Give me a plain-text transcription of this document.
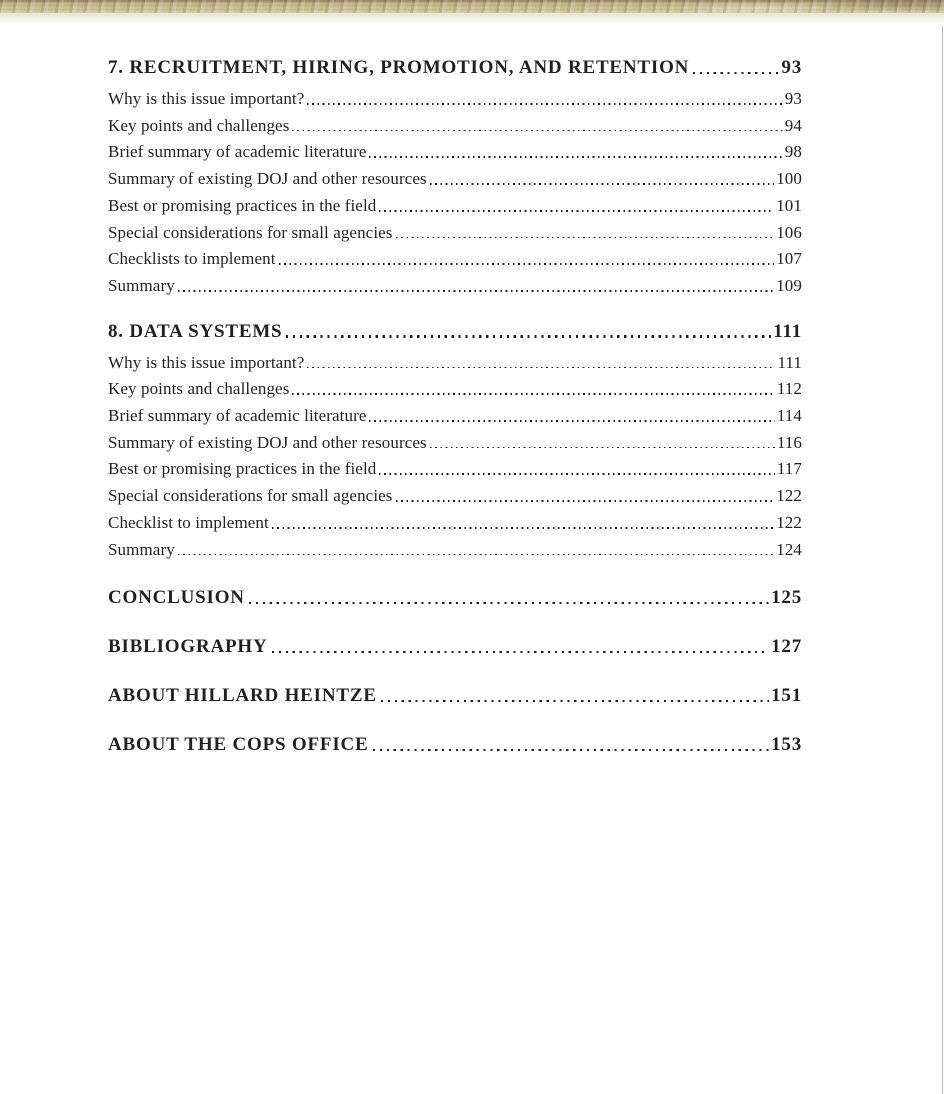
7. RECRUITMENT, HIRING, PROMOTION, AND RETENTION	93
Why is this issue important?	93
Key points and challenges	94
Brief summary of academic literature	98
Summary of existing DOJ and other resources	100
Best or promising practices in the field	101
Special considerations for small agencies	106
Checklists to implement	107
Summary	109
8. DATA SYSTEMS	111
Why is this issue important?	111
Key points and challenges	112
Brief summary of academic literature	114
Summary of existing DOJ and other resources	116
Best or promising practices in the field	117
Special considerations for small agencies	122
Checklist to implement	122
Summary	124
CONCLUSION	125
BIBLIOGRAPHY	127
ABOUT HILLARD HEINTZE	151
ABOUT THE COPS OFFICE	153
